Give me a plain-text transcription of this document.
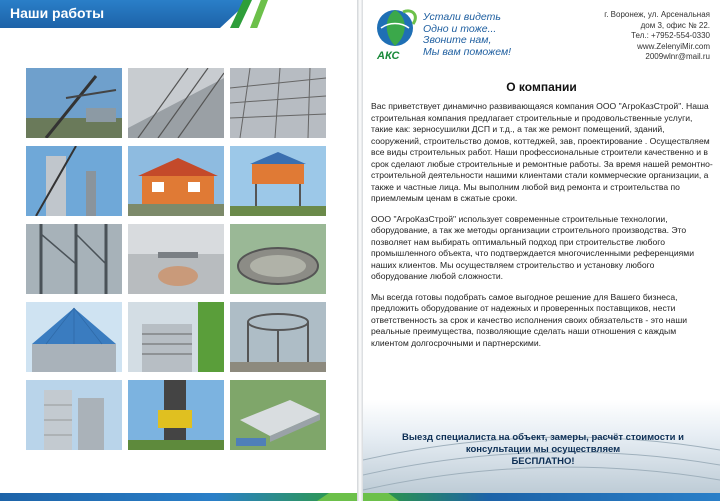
Наши работы
АКС
Устали видеть
Одно и тоже...
Звоните нам,
Мы вам поможем!
г. Воронеж, ул. Арсенальная
дом 3, офис № 22.
Тел.: +7952-554-0330
www.ZelenyiMir.com
2009wlnr@mail.ru
О компании

Вас приветствует динамично развивающаяся компания ООО "АгроКазСтрой". Наша строительная компания предлагает строительные и продовольственные услуги, такие как: зерносушилки ДСП и т.д., а так же ремонт помещений, зданий, сооружений, строительство домов, коттеджей, зав, проектирование . Осуществляем все виды строительных работ. Наши профессиональные строители качественно и в срок сделают любые строительные и ремонтные работы. За время нашей ремонтно-строительной деятельности нашими клиентами стали коммерческие организации, а также и частные лица. Мы выполним любой вид ремонта и строительства по приемлемым ценам в сжатые сроки.

ООО "АгроКазСтрой" использует современные строительные технологии, оборудование, а так же методы организации строительного производства. Это позволяет нам выбирать оптимальный подход при строительстве любого промышленного объекта, что подтверждается многочисленными референциями наших клиентов. Мы осуществляем строительство и установку любого оборудование любой сложности.

Мы всегда готовы подобрать самое выгодное решение для Вашего бизнеса, предложить оборудование от надежных и проверенных поставщиков, нести ответственность за срок и качество исполнения своих обязательств - это наши реальные преимущества, позволяющие сделать наши отношения с каждым клиентом долгосрочными и партнерскими.

Выезд специалиста на объект, замеры, расчёт стоимости и
консультации мы осуществляем
БЕСПЛАТНО!
